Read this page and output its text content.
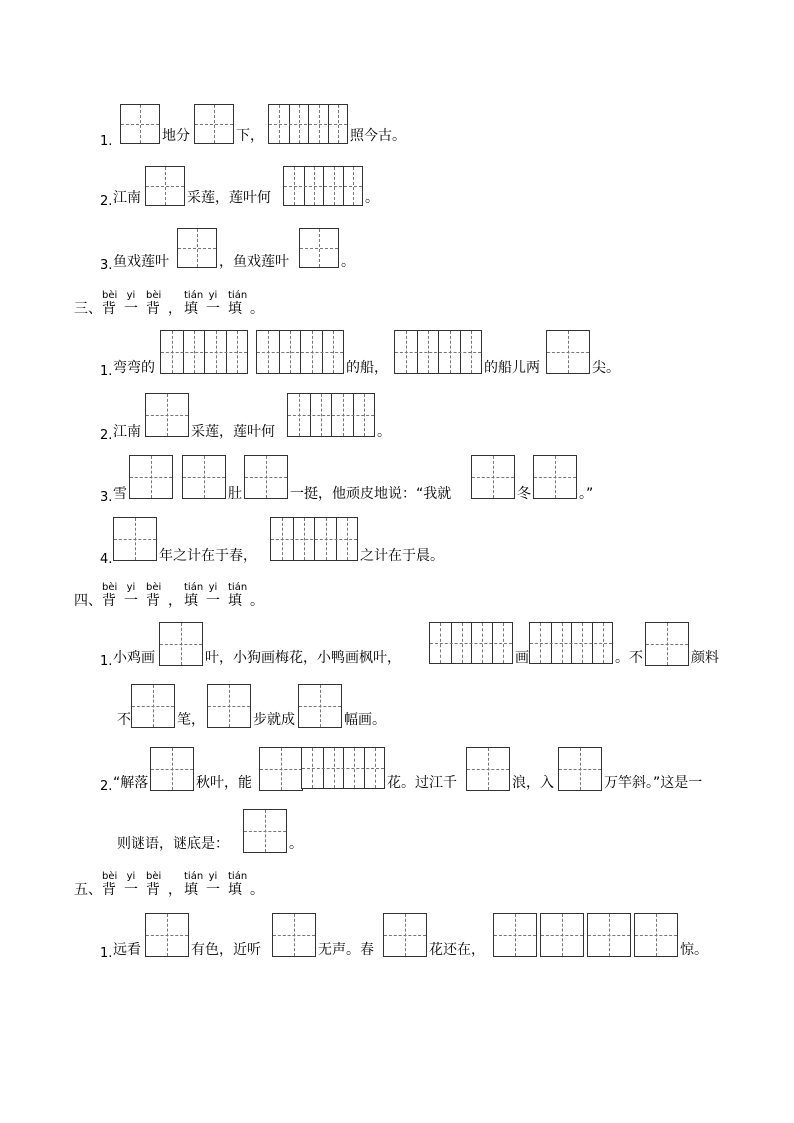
1.	地分	下，	照今古。
2. 江南	采莲，莲叶何	。
3. 鱼戏莲叶	，鱼戏莲叶	。
三、
bèi
背
yi
一
bèi
背 ，
tián
填
yi
一
tián
填 。
1. 弯弯的	的船，	的船儿两	尖。
2. 江南	采莲，莲叶何	。
3. 雪	肚	一挺，他顽皮地说：“我就	冬	。”
4.	年之计在于春，	之计在于晨。
四、
bèi
背
yi
一
bèi
背 ，
tián
填
yi
一
tián
填 。
1. 小鸡画	叶，小狗画梅花，小鸭画枫叶，	画	。不	颜料
不	笔，	步就成	幅画。
2. “解落	秋叶，能	花。过江千	浪，入	万竿斜。”这是一
则谜语，谜底是：	。
五、
bèi
背
yi
一
bèi
背 ，
tián
填
yi
一
tián
填 。
1. 远看	有色，近听	无声。春	花还在，	惊。
